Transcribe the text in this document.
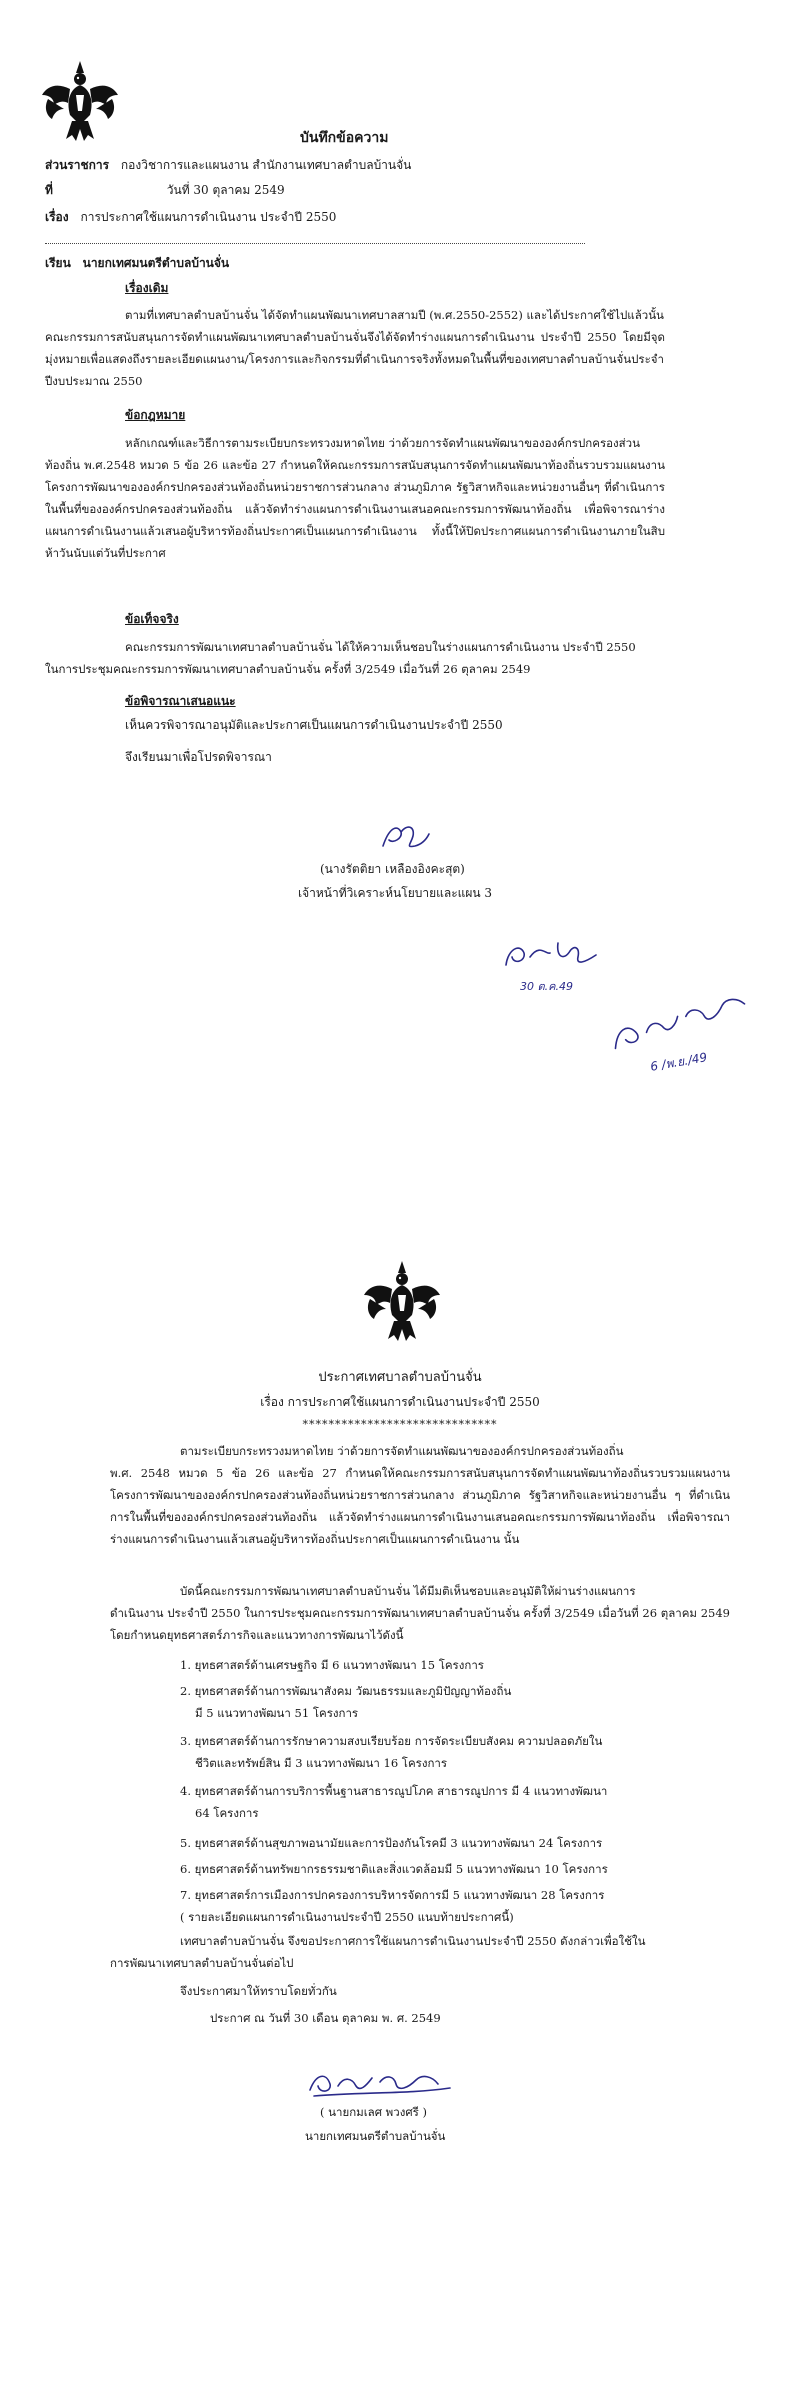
บันทึกข้อความ
ส่วนราชการ กองวิชาการและแผนงาน สำนักงานเทศบาลตำบลบ้านจั่น
ที่	วันที่ 30 ตุลาคม 2549
เรื่อง การประกาศใช้แผนการดำเนินงาน ประจำปี 2550
เรียน นายกเทศมนตรีตำบลบ้านจั่น
เรื่องเดิม
ตามที่เทศบาลตำบลบ้านจั่น ได้จัดทำแผนพัฒนาเทศบาลสามปี (พ.ศ.2550-2552) และได้ประกาศใช้ไปแล้วนั้น
คณะกรรมการสนับสนุนการจัดทำแผนพัฒนาเทศบาลตำบลบ้านจั่นจึงได้จัดทำร่างแผนการดำเนินงาน ประจำปี 2550 โดยมีจุดมุ่งหมายเพื่อแสดงถึงรายละเอียดแผนงาน/โครงการและกิจกรรมที่ดำเนินการจริงทั้งหมดในพื้นที่ของเทศบาลตำบลบ้านจั่นประจำปีงบประมาณ 2550
ข้อกฎหมาย
หลักเกณฑ์และวิธีการตามระเบียบกระทรวงมหาดไทย ว่าด้วยการจัดทำแผนพัฒนาขององค์กรปกครองส่วน
ท้องถิ่น พ.ศ.2548 หมวด 5 ข้อ 26 และข้อ 27 กำหนดให้คณะกรรมการสนับสนุนการจัดทำแผนพัฒนาท้องถิ่นรวบรวมแผนงาน โครงการพัฒนาขององค์กรปกครองส่วนท้องถิ่นหน่วยราชการส่วนกลาง ส่วนภูมิภาค รัฐวิสาหกิจและหน่วยงานอื่นๆ ที่ดำเนินการในพื้นที่ขององค์กรปกครองส่วนท้องถิ่น แล้วจัดทำร่างแผนการดำเนินงานเสนอคณะกรรมการพัฒนาท้องถิ่น เพื่อพิจารณาร่างแผนการดำเนินงานแล้วเสนอผู้บริหารท้องถิ่นประกาศเป็นแผนการดำเนินงาน ทั้งนี้ให้ปิดประกาศแผนการดำเนินงานภายในสิบห้าวันนับแต่วันที่ประกาศ
ข้อเท็จจริง
คณะกรรมการพัฒนาเทศบาลตำบลบ้านจั่น ได้ให้ความเห็นชอบในร่างแผนการดำเนินงาน ประจำปี 2550
ในการประชุมคณะกรรมการพัฒนาเทศบาลตำบลบ้านจั่น ครั้งที่ 3/2549 เมื่อวันที่ 26 ตุลาคม 2549
ข้อพิจารณาเสนอแนะ
เห็นควรพิจารณาอนุมัติและประกาศเป็นแผนการดำเนินงานประจำปี 2550
จึงเรียนมาเพื่อโปรดพิจารณา
(นางรัตติยา เหลืองอิงคะสุต)
เจ้าหน้าที่วิเคราะห์นโยบายและแผน 3
30 ต.ค.49
6 /พ.ย./49
ประกาศเทศบาลตำบลบ้านจั่น
เรื่อง การประกาศใช้แผนการดำเนินงานประจำปี 2550
******************************
ตามระเบียบกระทรวงมหาดไทย ว่าด้วยการจัดทำแผนพัฒนาขององค์กรปกครองส่วนท้องถิ่น
พ.ศ. 2548 หมวด 5 ข้อ 26 และข้อ 27 กำหนดให้คณะกรรมการสนับสนุนการจัดทำแผนพัฒนาท้องถิ่นรวบรวมแผนงาน โครงการพัฒนาขององค์กรปกครองส่วนท้องถิ่นหน่วยราชการส่วนกลาง ส่วนภูมิภาค รัฐวิสาหกิจและหน่วยงานอื่น ๆ ที่ดำเนินการในพื้นที่ขององค์กรปกครองส่วนท้องถิ่น แล้วจัดทำร่างแผนการดำเนินงานเสนอคณะกรรมการพัฒนาท้องถิ่น เพื่อพิจารณาร่างแผนการดำเนินงานแล้วเสนอผู้บริหารท้องถิ่นประกาศเป็นแผนการดำเนินงาน นั้น
บัดนี้คณะกรรมการพัฒนาเทศบาลตำบลบ้านจั่น ได้มีมติเห็นชอบและอนุมัติให้ผ่านร่างแผนการ
ดำเนินงาน ประจำปี 2550 ในการประชุมคณะกรรมการพัฒนาเทศบาลตำบลบ้านจั่น ครั้งที่ 3/2549 เมื่อวันที่ 26 ตุลาคม 2549 โดยกำหนดยุทธศาสตร์ภารกิจและแนวทางการพัฒนาไว้ดังนี้
1. ยุทธศาสตร์ด้านเศรษฐกิจ มี 6 แนวทางพัฒนา 15 โครงการ
2. ยุทธศาสตร์ด้านการพัฒนาสังคม วัฒนธรรมและภูมิปัญญาท้องถิ่น
มี 5 แนวทางพัฒนา 51 โครงการ
3. ยุทธศาสตร์ด้านการรักษาความสงบเรียบร้อย การจัดระเบียบสังคม ความปลอดภัยใน
ชีวิตและทรัพย์สิน มี 3 แนวทางพัฒนา 16 โครงการ
4. ยุทธศาสตร์ด้านการบริการพื้นฐานสาธารณูปโภค สาธารณูปการ มี 4 แนวทางพัฒนา
64 โครงการ
5. ยุทธศาสตร์ด้านสุขภาพอนามัยและการป้องกันโรคมี 3 แนวทางพัฒนา 24 โครงการ
6. ยุทธศาสตร์ด้านทรัพยากรธรรมชาติและสิ่งแวดล้อมมี 5 แนวทางพัฒนา 10 โครงการ
7. ยุทธศาสตร์การเมืองการปกครองการบริหารจัดการมี 5 แนวทางพัฒนา 28 โครงการ
( รายละเอียดแผนการดำเนินงานประจำปี 2550 แนบท้ายประกาศนี้)
เทศบาลตำบลบ้านจั่น จึงขอประกาศการใช้แผนการดำเนินงานประจำปี 2550 ดังกล่าวเพื่อใช้ใน
การพัฒนาเทศบาลตำบลบ้านจั่นต่อไป
จึงประกาศมาให้ทราบโดยทั่วกัน
ประกาศ ณ วันที่ 30 เดือน ตุลาคม พ. ศ. 2549
( นายกมเลศ พวงศรี )
นายกเทศมนตรีตำบลบ้านจั่น
